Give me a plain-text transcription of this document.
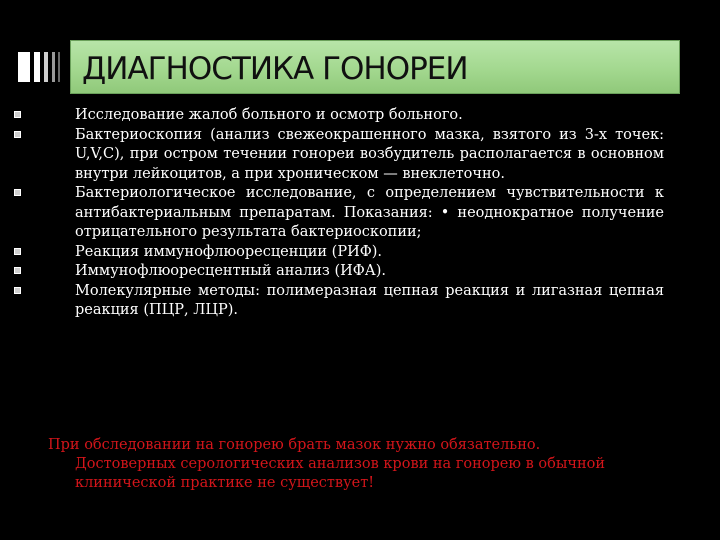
ДИАГНОСТИКА ГОНОРЕИ
Исследование жалоб больного и осмотр больного.
Бактериоскопия (анализ свежеокрашенного мазка, взятого из 3-х точек: U,V,C), при остром течении гонореи возбудитель располагается в основном внутри лейкоцитов, а при хроническом — внеклеточно.
Бактериологическое исследование, с определением чувствительности к антибактериальным препаратам. Показания: • неоднократное получение отрицательного результата бактериоскопии;
Реакция иммунофлюоресценции (РИФ).
Иммунофлюоресцентный анализ (ИФА).
Молекулярные методы: полимеразная цепная реакция и лигазная цепная реакция (ПЦР, ЛЦР).
При обследовании на гонорею брать мазок нужно обязательно.
Достоверных серологических анализов крови на гонорею в обычной клинической практике не существует!
